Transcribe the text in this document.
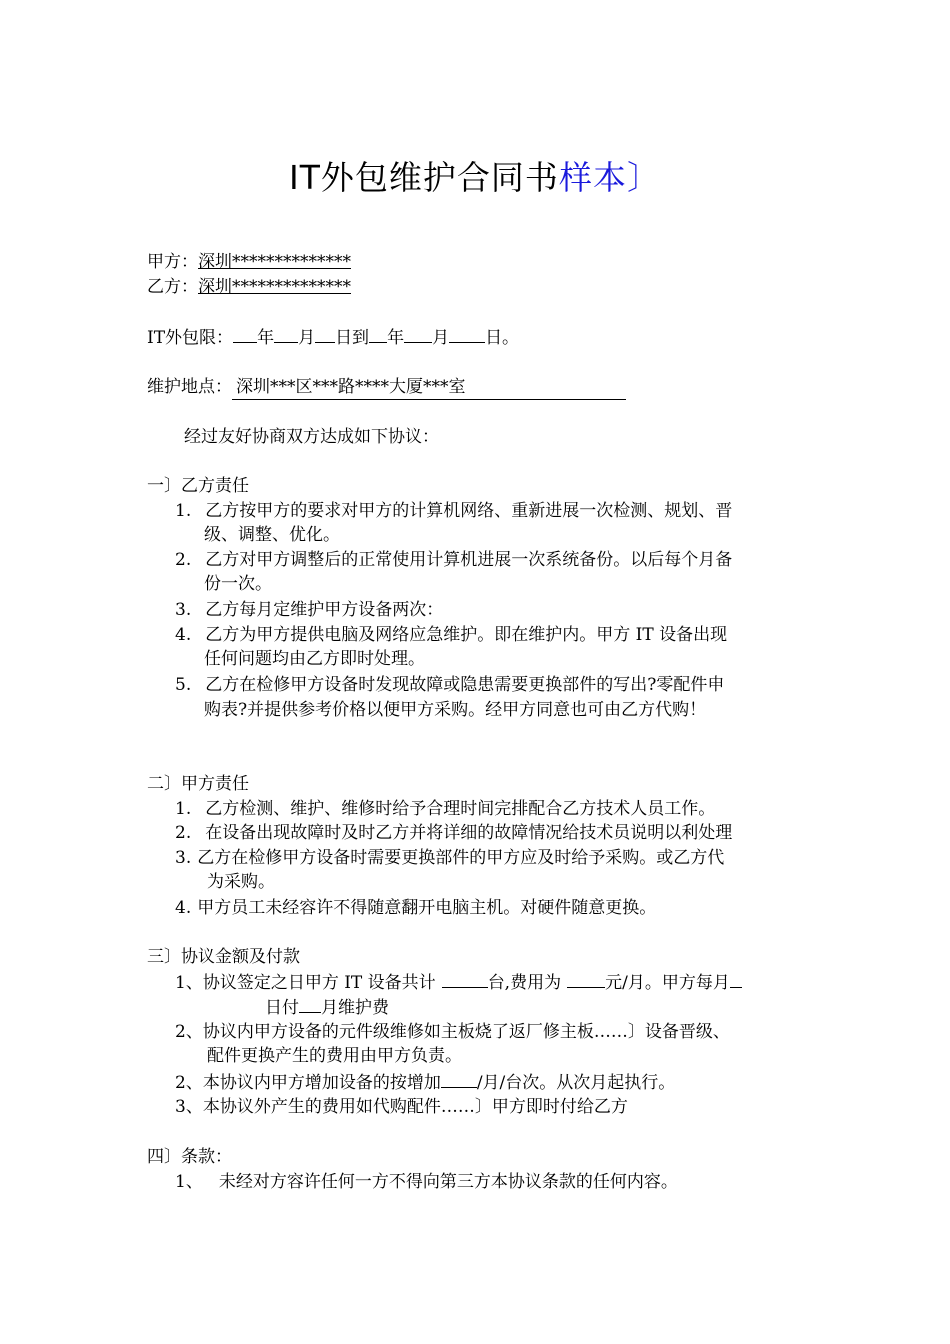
IT外包维护合同书样本〕
甲方：深圳**************
乙方：深圳**************
IT外包限： 年 月 日到 年 月 日。
维护地点： 深圳***区***路****大厦***室
经过友好协商双方达成如下协议：
一〕乙方责任
1. 乙方按甲方的要求对甲方的计算机网络、重新进展一次检测、规划、晋
级、调整、优化。
2. 乙方对甲方调整后的正常使用计算机进展一次系统备份。以后每个月备
份一次。
3. 乙方每月定维护甲方设备两次：
4. 乙方为甲方提供电脑及网络应急维护。即在维护内。甲方 IT 设备出现
任何问题均由乙方即时处理。
5. 乙方在检修甲方设备时发现故障或隐患需要更换部件的写出?零配件申
购表?并提供参考价格以便甲方采购。经甲方同意也可由乙方代购！
二〕甲方责任
1. 乙方检测、维护、维修时给予合理时间完排配合乙方技术人员工作。
2. 在设备出现故障时及时乙方并将详细的故障情况给技术员说明以利处理
3. 乙方在检修甲方设备时需要更换部件的甲方应及时给予采购。或乙方代
为采购。
4. 甲方员工未经容许不得随意翻开电脑主机。对硬件随意更换。
三〕协议金额及付款
1、协议签定之日甲方 IT 设备共计	台,费用为	元/月。甲方每月
日付 月维护费
2、协议内甲方设备的元件级维修如主板烧了返厂修主板……〕设备晋级、
配件更换产生的费用由甲方负责。
2、本协议内甲方增加设备的按增加 /月/台次。从次月起执行。
3、本协议外产生的费用如代购配件……〕甲方即时付给乙方
四〕条款：
1、 未经对方容许任何一方不得向第三方本协议条款的任何内容。
